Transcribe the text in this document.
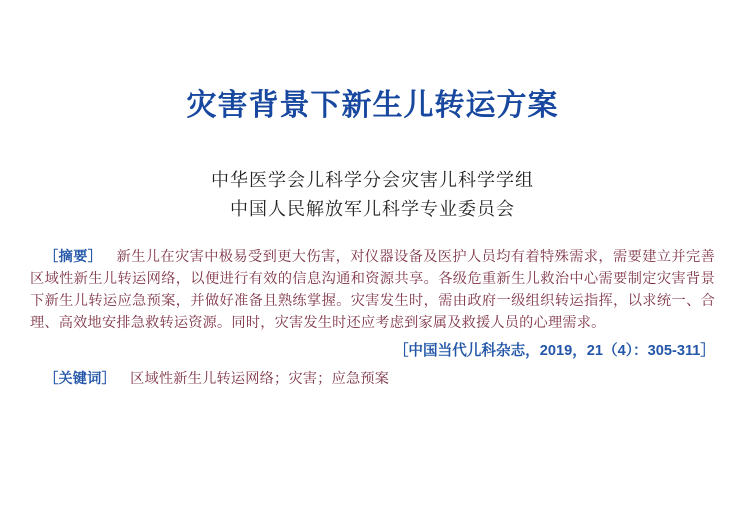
灾害背景下新生儿转运方案

中华医学会儿科学分会灾害儿科学学组

中国人民解放军儿科学专业委员会

［摘要］ 新生儿在灾害中极易受到更大伤害，对仪器设备及医护人员均有着特殊需求，需要建立并完善区域性新生儿转运网络，以便进行有效的信息沟通和资源共享。各级危重新生儿救治中心需要制定灾害背景下新生儿转运应急预案，并做好准备且熟练掌握。灾害发生时，需由政府一级组织转运指挥，以求统一、合理、高效地安排急救转运资源。同时，灾害发生时还应考虑到家属及救援人员的心理需求。

［中国当代儿科杂志，2019，21（4）：305-311］

［关键词］ 区域性新生儿转运网络；灾害；应急预案
